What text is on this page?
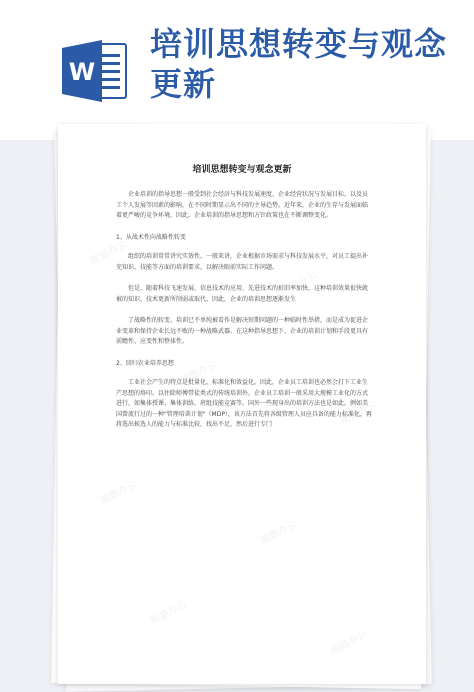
W
培训思想转变与观念更新
培训思想转变与观念更新

企业培训的指导思想一般受到社会经济与科技发展速度、企业经营状况与发展目标、以及员工个人发展等因素的影响，在不同时期显示出不同的主导趋势。近年来，企业的生存与发展面临着更严峻的竞争环境。因此，企业培训的指导思想和方针政策也在不断调整变化。

1、从战术性向战略性转变

组织的培训常常讲究实效性。一般来讲，企业根据市场需求与科技发展水平，对员工提出补充知识、技能等方面的培训要求，以解决眼前实际工作问题。

但是，随着科技飞速发展，信息技术的应用、先进技术的折旧率加快，这种培训效果很快就被的知识、技术更新所削弱或取代。因此，企业的培训思想逐渐发生

了战略性的转变。培训已不单纯被看作是解决短期问题的一种临时性举措，而是成为促进企业变革和保持企业长远不败的一种战略武器。在这种指导思想下，企业的培训计划和手段更具有前瞻性、应变性和整体性。

2、回归农业培养思想

工业社会产生的特点是批量化、标准化和效益化。因此，企业员工培训也必然会打下工业生产思想的烙印。以往除师傅带徒类式的传统培训外，企业员工培训一般采用大规模工业化的方式进行，如集体授课、集体训练、班组技能竞赛等。国外一些现身出的培训方法也是如此。例如美国曾流行过的一种"管理培训计划"（MDP），该方法首先将各级管理人员应具备的能力标准化，再将选出候选人的能力与标准比较，找出不足，然后进行专门

熊猫办公
熊猫办公
熊猫办公
熊猫办公
熊猫办公
熊猫办公
熊猫办公
熊猫办公
